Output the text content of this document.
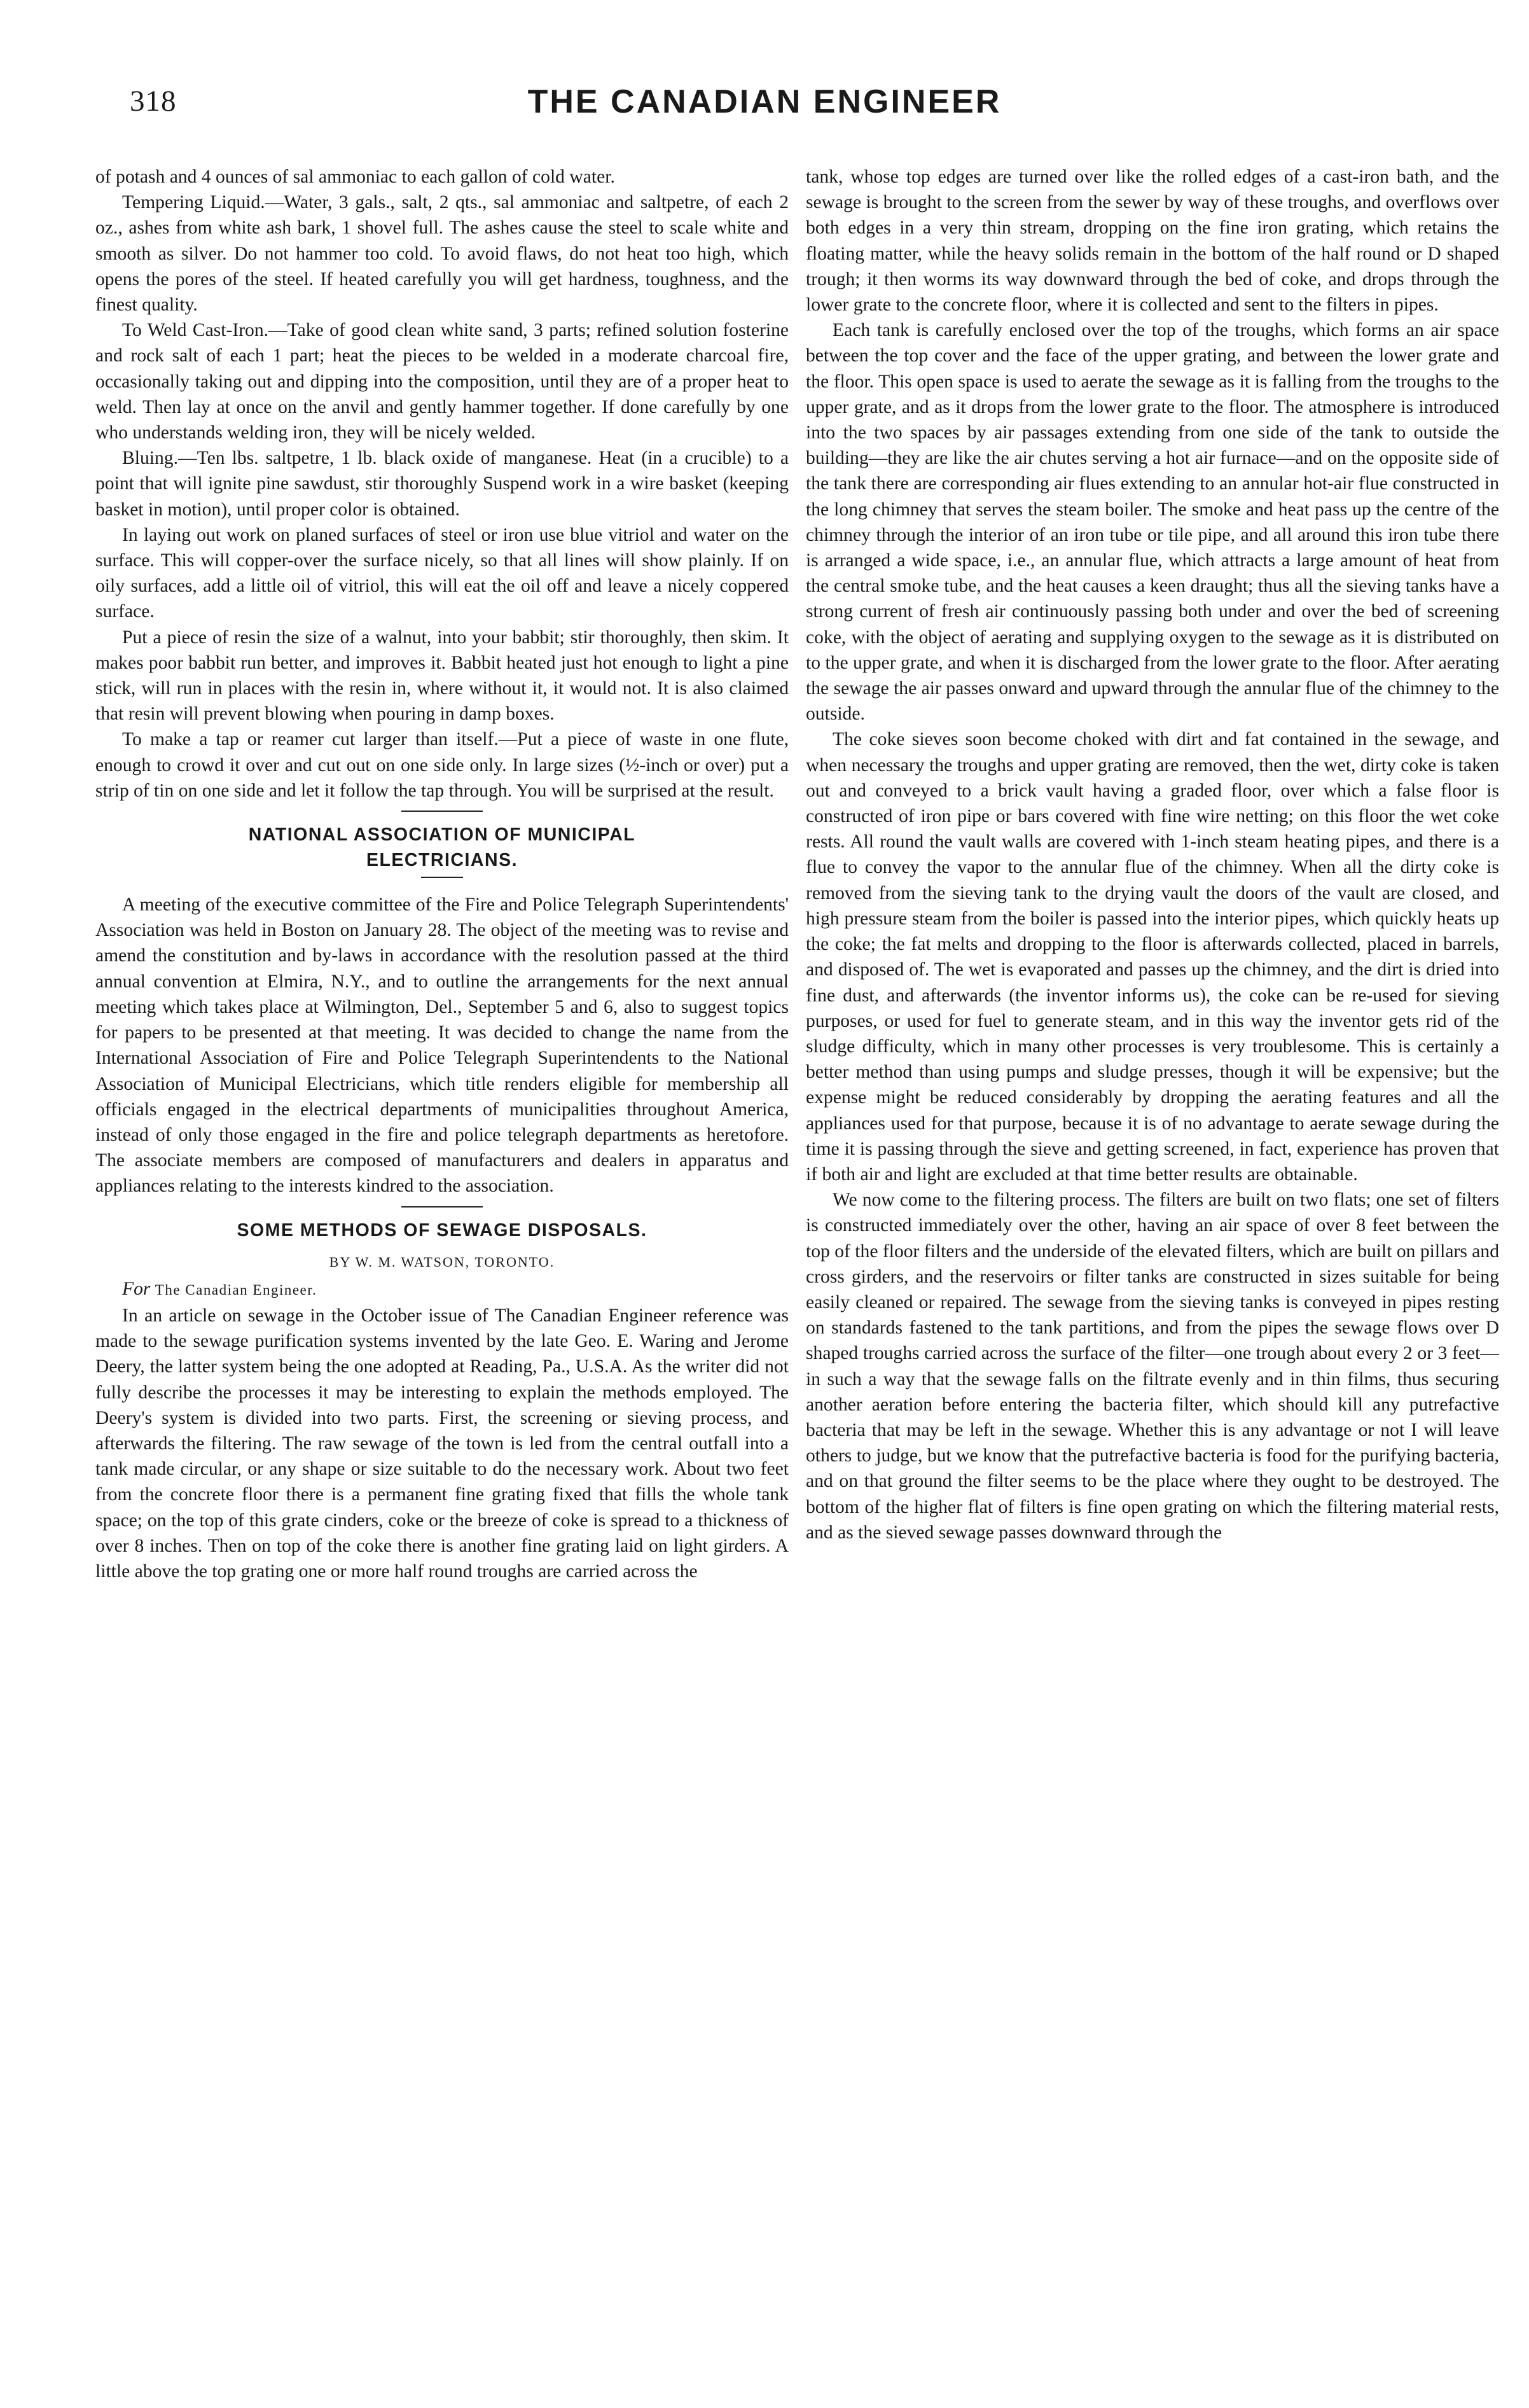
318	THE CANADIAN ENGINEER

of potash and 4 ounces of sal ammoniac to each gallon of cold water.

Tempering Liquid.—Water, 3 gals., salt, 2 qts., sal ammoniac and saltpetre, of each 2 oz., ashes from white ash bark, 1 shovel full. The ashes cause the steel to scale white and smooth as silver. Do not hammer too cold. To avoid flaws, do not heat too high, which opens the pores of the steel. If heated carefully you will get hardness, toughness, and the finest quality.

To Weld Cast-Iron.—Take of good clean white sand, 3 parts; refined solution fosterine and rock salt of each 1 part; heat the pieces to be welded in a moderate charcoal fire, occasionally taking out and dipping into the composition, until they are of a proper heat to weld. Then lay at once on the anvil and gently hammer together. If done carefully by one who understands welding iron, they will be nicely welded.

Bluing.—Ten lbs. saltpetre, 1 lb. black oxide of manganese. Heat (in a crucible) to a point that will ignite pine sawdust, stir thoroughly Suspend work in a wire basket (keeping basket in motion), until proper color is obtained.

In laying out work on planed surfaces of steel or iron use blue vitriol and water on the surface. This will copper-over the surface nicely, so that all lines will show plainly. If on oily surfaces, add a little oil of vitriol, this will eat the oil off and leave a nicely coppered surface.

Put a piece of resin the size of a walnut, into your babbit; stir thoroughly, then skim. It makes poor babbit run better, and improves it. Babbit heated just hot enough to light a pine stick, will run in places with the resin in, where without it, it would not. It is also claimed that resin will prevent blowing when pouring in damp boxes.

To make a tap or reamer cut larger than itself.—Put a piece of waste in one flute, enough to crowd it over and cut out on one side only. In large sizes (½-inch or over) put a strip of tin on one side and let it follow the tap through. You will be surprised at the result.

NATIONAL ASSOCIATION OF MUNICIPAL
ELECTRICIANS.

A meeting of the executive committee of the Fire and Police Telegraph Superintendents' Association was held in Boston on January 28. The object of the meeting was to revise and amend the constitution and by-laws in accordance with the resolution passed at the third annual convention at Elmira, N.Y., and to outline the arrangements for the next annual meeting which takes place at Wilmington, Del., September 5 and 6, also to suggest topics for papers to be presented at that meeting. It was decided to change the name from the International Association of Fire and Police Telegraph Superintendents to the National Association of Municipal Electricians, which title renders eligible for membership all officials engaged in the electrical departments of municipalities throughout America, instead of only those engaged in the fire and police telegraph departments as heretofore. The associate members are composed of manufacturers and dealers in apparatus and appliances relating to the interests kindred to the association.

SOME METHODS OF SEWAGE DISPOSALS.
BY W. M. WATSON, TORONTO.

For The Canadian Engineer.

In an article on sewage in the October issue of The Canadian Engineer reference was made to the sewage purification systems invented by the late Geo. E. Waring and Jerome Deery, the latter system being the one adopted at Reading, Pa., U.S.A. As the writer did not fully describe the processes it may be interesting to explain the methods employed. The Deery's system is divided into two parts. First, the screening or sieving process, and afterwards the filtering. The raw sewage of the town is led from the central outfall into a tank made circular, or any shape or size suitable to do the necessary work. About two feet from the concrete floor there is a permanent fine grating fixed that fills the whole tank space; on the top of this grate cinders, coke or the breeze of coke is spread to a thickness of over 8 inches. Then on top of the coke there is another fine grating laid on light girders. A little above the top grating one or more half round troughs are carried across the

tank, whose top edges are turned over like the rolled edges of a cast-iron bath, and the sewage is brought to the screen from the sewer by way of these troughs, and overflows over both edges in a very thin stream, dropping on the fine iron grating, which retains the floating matter, while the heavy solids remain in the bottom of the half round or D shaped trough; it then worms its way downward through the bed of coke, and drops through the lower grate to the concrete floor, where it is collected and sent to the filters in pipes.

Each tank is carefully enclosed over the top of the troughs, which forms an air space between the top cover and the face of the upper grating, and between the lower grate and the floor. This open space is used to aerate the sewage as it is falling from the troughs to the upper grate, and as it drops from the lower grate to the floor. The atmosphere is introduced into the two spaces by air passages extending from one side of the tank to outside the building—they are like the air chutes serving a hot air furnace—and on the opposite side of the tank there are corresponding air flues extending to an annular hot-air flue constructed in the long chimney that serves the steam boiler. The smoke and heat pass up the centre of the chimney through the interior of an iron tube or tile pipe, and all around this iron tube there is arranged a wide space, i.e., an annular flue, which attracts a large amount of heat from the central smoke tube, and the heat causes a keen draught; thus all the sieving tanks have a strong current of fresh air continuously passing both under and over the bed of screening coke, with the object of aerating and supplying oxygen to the sewage as it is distributed on to the upper grate, and when it is discharged from the lower grate to the floor. After aerating the sewage the air passes onward and upward through the annular flue of the chimney to the outside.

The coke sieves soon become choked with dirt and fat contained in the sewage, and when necessary the troughs and upper grating are removed, then the wet, dirty coke is taken out and conveyed to a brick vault having a graded floor, over which a false floor is constructed of iron pipe or bars covered with fine wire netting; on this floor the wet coke rests. All round the vault walls are covered with 1-inch steam heating pipes, and there is a flue to convey the vapor to the annular flue of the chimney. When all the dirty coke is removed from the sieving tank to the drying vault the doors of the vault are closed, and high pressure steam from the boiler is passed into the interior pipes, which quickly heats up the coke; the fat melts and dropping to the floor is afterwards collected, placed in barrels, and disposed of. The wet is evaporated and passes up the chimney, and the dirt is dried into fine dust, and afterwards (the inventor informs us), the coke can be re-used for sieving purposes, or used for fuel to generate steam, and in this way the inventor gets rid of the sludge difficulty, which in many other processes is very troublesome. This is certainly a better method than using pumps and sludge presses, though it will be expensive; but the expense might be reduced considerably by dropping the aerating features and all the appliances used for that purpose, because it is of no advantage to aerate sewage during the time it is passing through the sieve and getting screened, in fact, experience has proven that if both air and light are excluded at that time better results are obtainable.

We now come to the filtering process. The filters are built on two flats; one set of filters is constructed immediately over the other, having an air space of over 8 feet between the top of the floor filters and the underside of the elevated filters, which are built on pillars and cross girders, and the reservoirs or filter tanks are constructed in sizes suitable for being easily cleaned or repaired. The sewage from the sieving tanks is conveyed in pipes resting on standards fastened to the tank partitions, and from the pipes the sewage flows over D shaped troughs carried across the surface of the filter—one trough about every 2 or 3 feet—in such a way that the sewage falls on the filtrate evenly and in thin films, thus securing another aeration before entering the bacteria filter, which should kill any putrefactive bacteria that may be left in the sewage. Whether this is any advantage or not I will leave others to judge, but we know that the putrefactive bacteria is food for the purifying bacteria, and on that ground the filter seems to be the place where they ought to be destroyed. The bottom of the higher flat of filters is fine open grating on which the filtering material rests, and as the sieved sewage passes downward through the
